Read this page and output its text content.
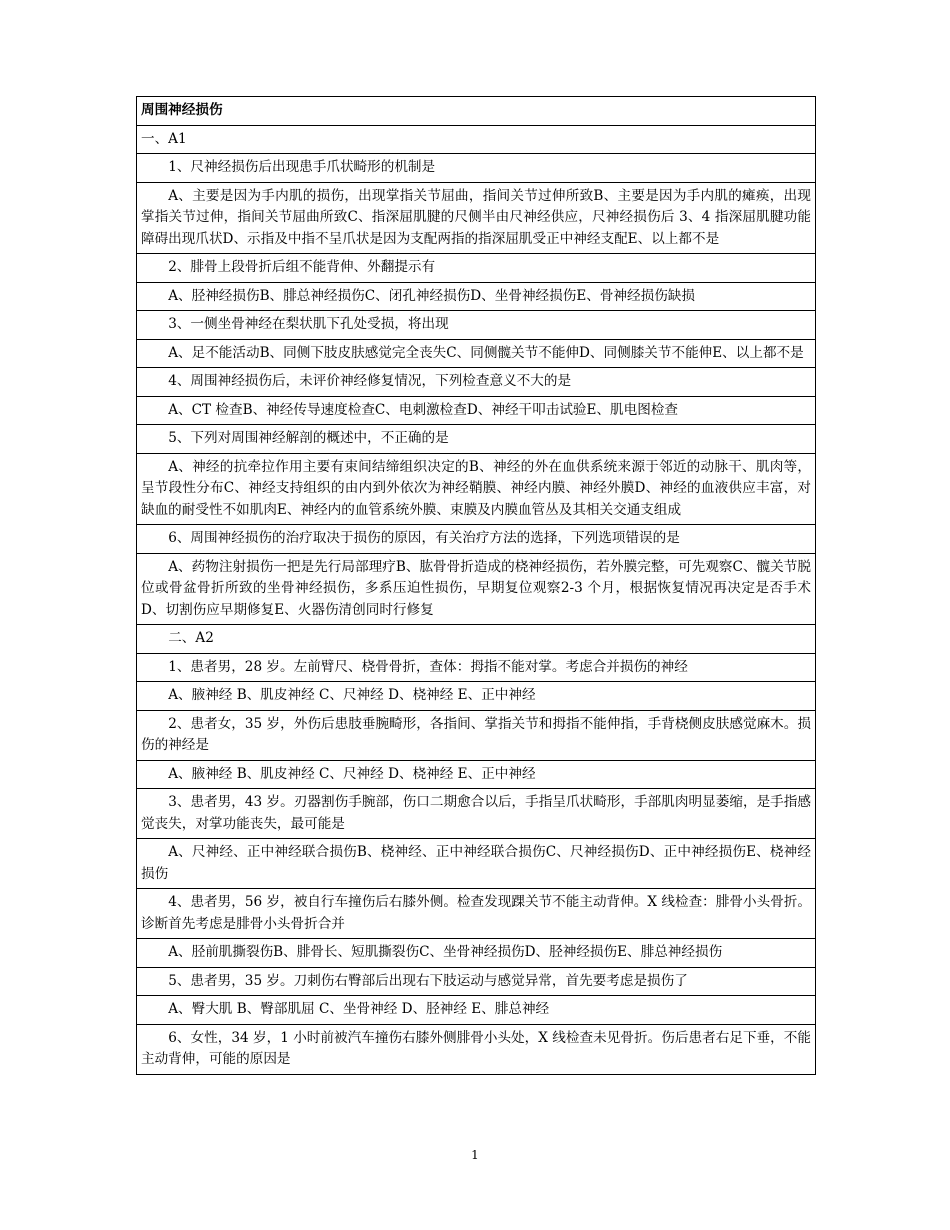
周围神经损伤
一、A1
1、尺神经损伤后出现患手爪状畸形的机制是
A、主要是因为手内肌的损伤，出现掌指关节屈曲，指间关节过伸所致B、主要是因为手内肌的瘫痪，出现掌指关节过伸，指间关节屈曲所致C、指深屈肌腱的尺侧半由尺神经供应，尺神经损伤后 3、4 指深屈肌腱功能障碍出现爪状D、示指及中指不呈爪状是因为支配两指的指深屈肌受正中神经支配E、以上都不是
2、腓骨上段骨折后组不能背伸、外翻提示有
A、胫神经损伤B、腓总神经损伤C、闭孔神经损伤D、坐骨神经损伤E、骨神经损伤缺损
3、一侧坐骨神经在梨状肌下孔处受损，将出现
A、足不能活动B、同侧下肢皮肤感觉完全丧失C、同侧髋关节不能伸D、同侧膝关节不能伸E、以上都不是
4、周围神经损伤后，未评价神经修复情况，下列检查意义不大的是
A、CT 检查B、神经传导速度检查C、电刺激检查D、神经干叩击试验E、肌电图检查
5、下列对周围神经解剖的概述中，不正确的是
A、神经的抗牵拉作用主要有束间结缔组织决定的B、神经的外在血供系统来源于邻近的动脉干、肌肉等，呈节段性分布C、神经支持组织的由内到外依次为神经鞘膜、神经内膜、神经外膜D、神经的血液供应丰富，对缺血的耐受性不如肌肉E、神经内的血管系统外膜、束膜及内膜血管丛及其相关交通支组成
6、周围神经损伤的治疗取决于损伤的原因，有关治疗方法的选择，下列选项错误的是
A、药物注射损伤一把是先行局部理疗B、肱骨骨折造成的桡神经损伤，若外膜完整，可先观察C、髋关节脱位或骨盆骨折所致的坐骨神经损伤，多系压迫性损伤，早期复位观察2-3 个月，根据恢复情况再决定是否手术D、切割伤应早期修复E、火器伤清创同时行修复
二、A2
1、患者男，28 岁。左前臂尺、桡骨骨折，查体：拇指不能对掌。考虑合并损伤的神经
A、腋神经 B、肌皮神经 C、尺神经 D、桡神经 E、正中神经
2、患者女，35 岁，外伤后患肢垂腕畸形，各指间、掌指关节和拇指不能伸指，手背桡侧皮肤感觉麻木。损伤的神经是
A、腋神经 B、肌皮神经 C、尺神经 D、桡神经 E、正中神经
3、患者男，43 岁。刃器割伤手腕部，伤口二期愈合以后，手指呈爪状畸形，手部肌肉明显萎缩，是手指感觉丧失，对掌功能丧失，最可能是
A、尺神经、正中神经联合损伤B、桡神经、正中神经联合损伤C、尺神经损伤D、正中神经损伤E、桡神经损伤
4、患者男，56 岁，被自行车撞伤后右膝外侧。检查发现踝关节不能主动背伸。X 线检查：腓骨小头骨折。诊断首先考虑是腓骨小头骨折合并
A、胫前肌撕裂伤B、腓骨长、短肌撕裂伤C、坐骨神经损伤D、胫神经损伤E、腓总神经损伤
5、患者男，35 岁。刀刺伤右臀部后出现右下肢运动与感觉异常，首先要考虑是损伤了
A、臀大肌 B、臀部肌屈 C、坐骨神经 D、胫神经 E、腓总神经
6、女性，34 岁，1 小时前被汽车撞伤右膝外侧腓骨小头处，X 线检查未见骨折。伤后患者右足下垂，不能主动背伸，可能的原因是
1
